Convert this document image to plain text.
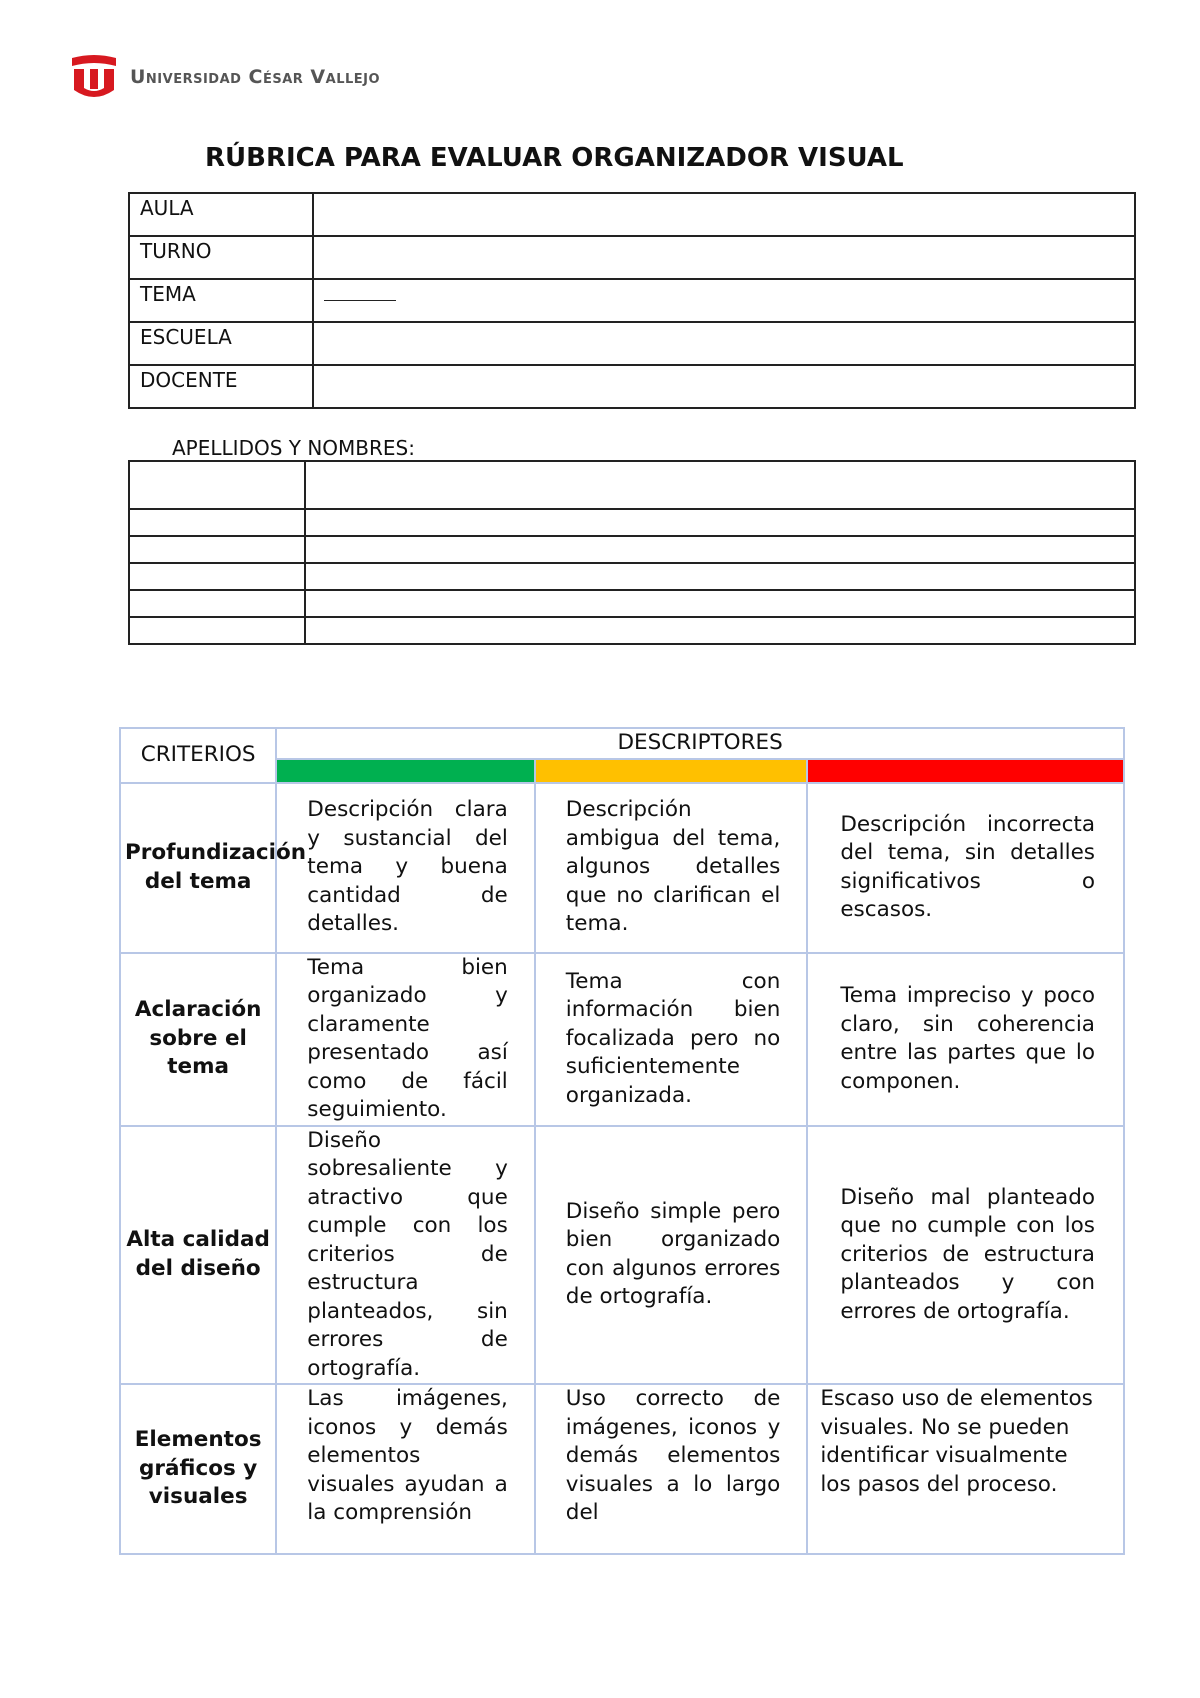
Universidad César Vallejo
RÚBRICA PARA EVALUAR ORGANIZADOR VISUAL
AULA	
TURNO	
TEMA	
ESCUELA	
DOCENTE	
APELLIDOS Y NOMBRES:

CRITERIOS	DESCRIPTORES		

Profundización del tema	Descripción clara y sustancial del tema y buena cantidad de detalles.	Descripción ambigua del tema, algunos detalles que no clarifican el tema.	Descripción incorrecta del tema, sin detalles significativos o escasos.
Aclaración sobre el tema	Tema bien organizado y claramente presentado así como de fácil seguimiento.	Tema con información bien focalizada pero no suficientemente organizada.	Tema impreciso y poco claro, sin coherencia entre las partes que lo componen.
Alta calidad del diseño	Diseño sobresaliente y atractivo que cumple con los criterios de estructura planteados, sin errores de ortografía.	Diseño simple pero bien organizado con algunos errores de ortografía.	Diseño mal planteado que no cumple con los criterios de estructura planteados y con errores de ortografía.
Elementos gráficos y visuales	Las imágenes, iconos y demás elementos visuales ayudan a la comprensión	Uso correcto de imágenes, iconos y demás elementos visuales a lo largo del	Escaso uso de elementos visuales. No se pueden identificar visualmente los pasos del proceso.
